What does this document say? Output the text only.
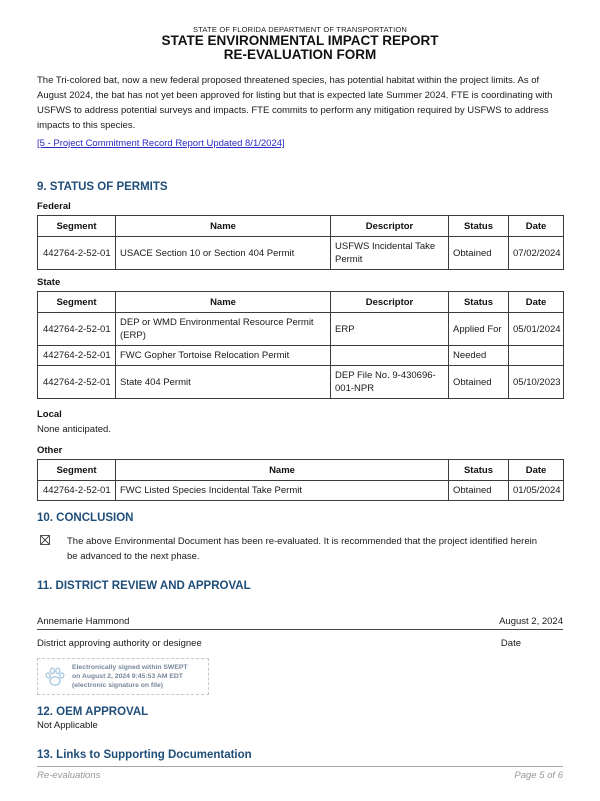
STATE OF FLORIDA DEPARTMENT OF TRANSPORTATION
STATE ENVIRONMENTAL IMPACT REPORT
RE-EVALUATION FORM
The Tri-colored bat, now a new federal proposed threatened species, has potential habitat within the project limits. As of August 2024, the bat has not yet been approved for listing but that is expected late Summer 2024. FTE is coordinating with USFWS to address potential surveys and impacts. FTE commits to perform any mitigation required by USFWS to address impacts to this species.
[5 - Project Commitment Record Report Updated 8/1/2024]
9. STATUS OF PERMITS
Federal
Segment	Name	Descriptor	Status	Date
442764-2-52-01	USACE Section 10 or Section 404 Permit	USFWS Incidental Take Permit	Obtained	07/02/2024
State
Segment	Name	Descriptor	Status	Date
442764-2-52-01	DEP or WMD Environmental Resource Permit (ERP)	ERP	Applied For	05/01/2024
442764-2-52-01	FWC Gopher Tortoise Relocation Permit		Needed	
442764-2-52-01	State 404 Permit	DEP File No. 9-430696-001-NPR	Obtained	05/10/2023
Local
None anticipated.
Other
Segment	Name	Status	Date
442764-2-52-01	FWC Listed Species Incidental Take Permit	Obtained	01/05/2024
10. CONCLUSION
The above Environmental Document has been re-evaluated. It is recommended that the project identified herein be advanced to the next phase.
11. DISTRICT REVIEW AND APPROVAL
Annemarie Hammond	August 2, 2024
District approving authority or designee	Date
Electronically signed within SWEPT
on August 2, 2024 9:45:53 AM EDT
(electronic signature on file)
12. OEM APPROVAL
Not Applicable
13. Links to Supporting Documentation
Re-evaluations	Page 5 of 6
